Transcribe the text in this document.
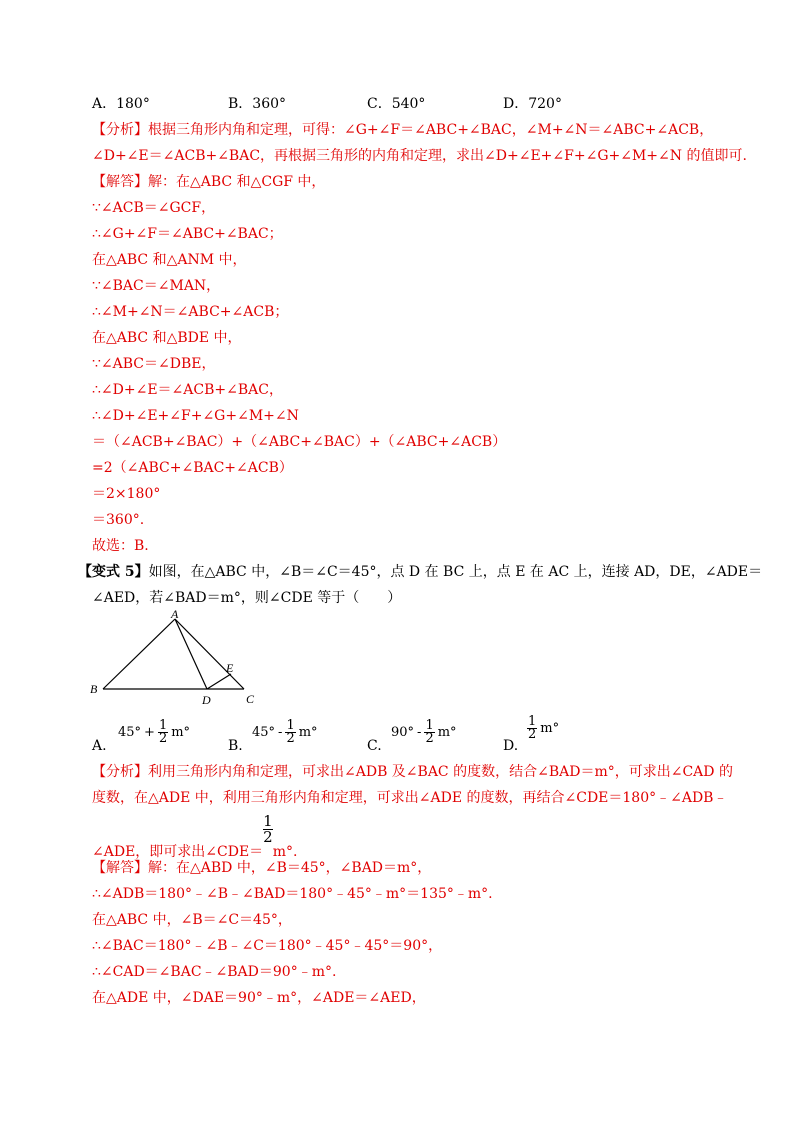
A．180°	B．360°	C．540°	D．720°
【分析】根据三角形内角和定理，可得：∠G+∠F＝∠ABC+∠BAC，∠M+∠N＝∠ABC+∠ACB，
∠D+∠E＝∠ACB+∠BAC，再根据三角形的内角和定理，求出∠D+∠E+∠F+∠G+∠M+∠N 的值即可.
【解答】解：在△ABC 和△CGF 中，
∵∠ACB＝∠GCF，
∴∠G+∠F＝∠ABC+∠BAC；
在△ABC 和△ANM 中，
∵∠BAC＝∠MAN，
∴∠M+∠N＝∠ABC+∠ACB；
在△ABC 和△BDE 中，
∵∠ABC＝∠DBE，
∴∠D+∠E＝∠ACB+∠BAC，
∴∠D+∠E+∠F+∠G+∠M+∠N
＝（∠ACB+∠BAC）+（∠ABC+∠BAC）+（∠ABC+∠ACB）
=2（∠ABC+∠BAC+∠ACB）
＝2×180°
＝360°.
故选：B.
【变式 5】如图，在△ABC 中，∠B＝∠C＝45°，点 D 在 BC 上，点 E 在 AC 上，连接 AD，DE，∠ADE＝
∠AED，若∠BAD＝m°，则∠CDE 等于（　　）
A
B
C
D
E
A.
$45^\circ + \frac{1}{2} m^\circ$
B.
$45^\circ - \frac{1}{2} m^\circ$
C.
$90^\circ - \frac{1}{2} m^\circ$
D.
$\frac{1}{2} m^\circ$
【分析】利用三角形内角和定理，可求出∠ADB 及∠BAC 的度数，结合∠BAD＝m°，可求出∠CAD 的
度数，在△ADE 中，利用三角形内角和定理，可求出∠ADE 的度数，再结合∠CDE＝180°﹣∠ADB﹣
∠ADE，即可求出∠CDE＝
$\frac{1}{2}$
m°.
【解答】解：在△ABD 中，∠B＝45°，∠BAD＝m°，
∴∠ADB＝180°﹣∠B﹣∠BAD＝180°﹣45°﹣m°＝135°﹣m°.
在△ABC 中，∠B＝∠C＝45°，
∴∠BAC＝180°﹣∠B﹣∠C＝180°﹣45°﹣45°＝90°，
∴∠CAD＝∠BAC﹣∠BAD＝90°﹣m°.
在△ADE 中，∠DAE＝90°﹣m°，∠ADE＝∠AED，
